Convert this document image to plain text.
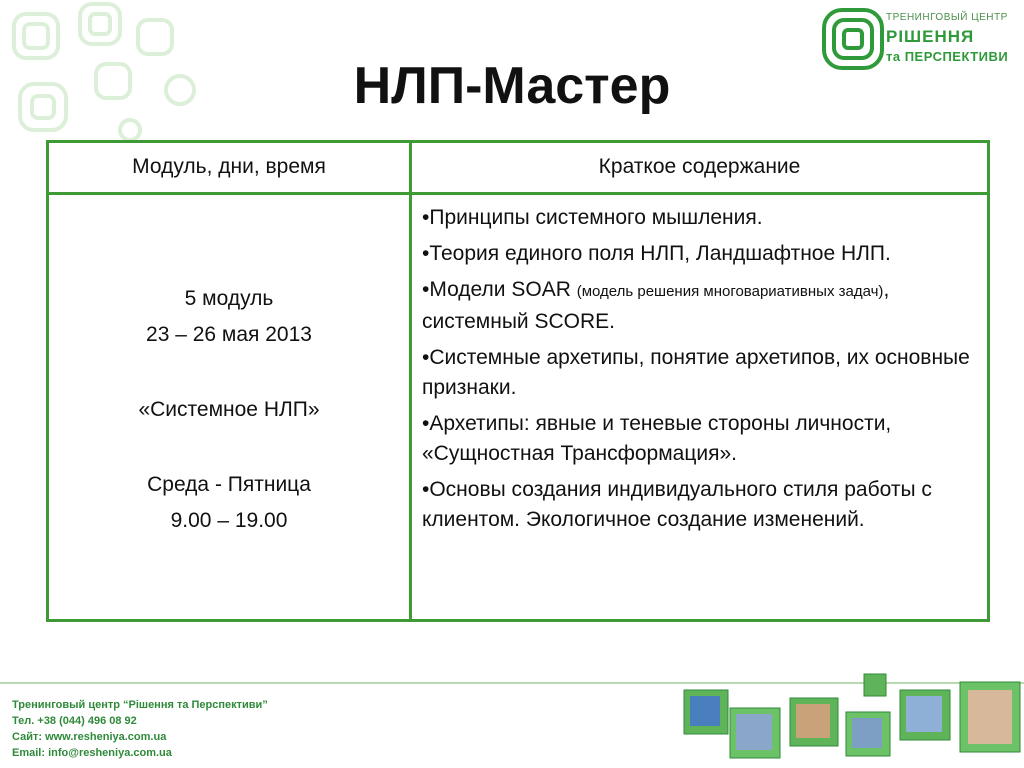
ТРЕНИНГОВЫЙ ЦЕНТР
РІШЕННЯ
та ПЕРСПЕКТИВИ
НЛП-Мастер
Модуль, дни, время	Краткое содержание
5 модуль
23 – 26 мая 2013
«Системное НЛП»
Среда - Пятница
9.00 – 19.00
•Принципы системного мышления.
•Теория единого поля НЛП, Ландшафтное НЛП.
•Модели SOAR (модель решения многовариативных задач), системный SCORE.
•Системные архетипы, понятие архетипов, их основные признаки.
•Архетипы: явные и теневые стороны личности, «Сущностная Трансформация».
•Основы создания индивидуального стиля работы с клиентом. Экологичное создание изменений.
Тренинговый центр “Рішення та Перспективи”
Тел. +38 (044) 496 08 92
Сайт: www.resheniya.com.ua
Email: info@resheniya.com.ua
